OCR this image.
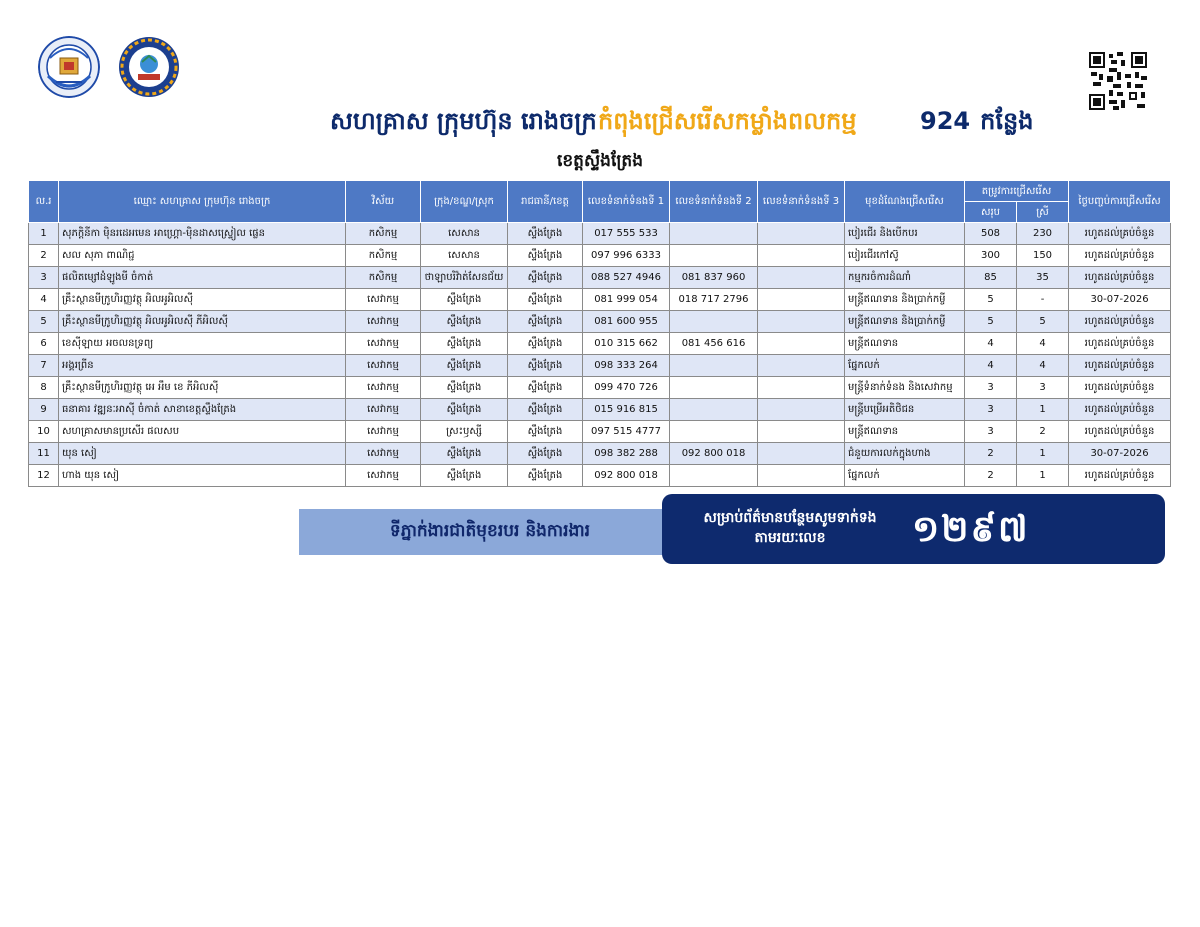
សហគ្រាស ក្រុមហ៊ុន រោងចក្រ កំពុងជ្រើសរើសកម្លាំងពលកម្ម	924 កន្លែង
ខេត្តស្ទឹងត្រែង
ល.រ	ឈ្មោះ សហគ្រាស ក្រុមហ៊ុន រោងចក្រ	វិស័យ	ក្រុង/ខណ្ឌ/ស្រុក	រាជធានី/ខេត្ត	លេខទំនាក់ទំនងទី 1	លេខទំនាក់ទំនងទី 2	លេខទំនាក់ទំនងទី 3	មុខដំណែងជ្រើសរើស	តម្រូវការជ្រើសរើស		ថ្ងៃបញ្ចប់ការជ្រើសរើស
									សរុប	ស្រី	
1	សុភក្តិនីកា ម៉ិនរដេអមេន អាហ្គ្រោ-ម៉ិនដាសស្ទ្រៀល ផ្លេន	កសិកម្ម	សេសាន	ស្ទឹងត្រែង	017 555 533			បៀរជើរ និងបើកបរ	508	230	រហូតដល់គ្រប់ចំនួន
2	សល សុភា ពាណិជ្ជ	កសិកម្ម	សេសាន	ស្ទឹងត្រែង	097 996 6333			បៀរជើរកៅស៊ូ	300	150	រហូតដល់គ្រប់ចំនួន
3	ផលិតម្សៅដំឡូងមី ចំកាត់	កសិកម្ម	ថាឡាបរិវ៉ាត់សែនជ័យ	ស្ទឹងត្រែង	088 527 4946	081 837 960		កម្មករចំការដំណាំ	85	35	រហូតដល់គ្រប់ចំនួន
4	គ្រឹះស្ថានមីក្រូហិរញ្ញវត្ថុ អិលអូអិលស៊ី	សេវាកម្ម	ស្ទឹងត្រែង	ស្ទឹងត្រែង	081 999 054	018 717 2796		មន្ត្រីឥណទាន និងប្រាក់កម្ចី	5	-	30-07-2026
5	គ្រឹះស្ថានមីក្រូហិរញ្ញវត្ថុ អិលអូអិលស៊ី ភីអិលស៊ី	សេវាកម្ម	ស្ទឹងត្រែង	ស្ទឹងត្រែង	081 600 955			មន្ត្រីឥណទាន និងប្រាក់កម្ចី	5	5	រហូតដល់គ្រប់ចំនួន
6	ខេស៊ីឡាយ អចលនទ្រព្យ	សេវាកម្ម	ស្ទឹងត្រែង	ស្ទឹងត្រែង	010 315 662	081 456 616		មន្ត្រីឥណទាន	4	4	រហូតដល់គ្រប់ចំនួន
7	អង្គរព្រីន	សេវាកម្ម	ស្ទឹងត្រែង	ស្ទឹងត្រែង	098 333 264			ផ្នែកលក់	4	4	រហូតដល់គ្រប់ចំនួន
8	គ្រឹះស្ថានមីក្រូហិរញ្ញវត្ថុ អេ អឹម ខេ ភីអិលស៊ី	សេវាកម្ម	ស្ទឹងត្រែង	ស្ទឹងត្រែង	099 470 726			មន្ត្រីទំនាក់ទំនង និងសេវាកម្ម	3	3	រហូតដល់គ្រប់ចំនួន
9	ធនាគារ វឌ្ឍនៈអាស៊ី ចំកាត់ សាខាខេត្តស្ទឹងត្រែង	សេវាកម្ម	ស្ទឹងត្រែង	ស្ទឹងត្រែង	015 916 815			មន្ត្រីបម្រើអតិថិជន	3	1	រហូតដល់គ្រប់ចំនួន
10	សហគ្រាសមានប្រសើរ ផលសប	សេវាកម្ម	ស្រះឫស្សី	ស្ទឹងត្រែង	097 515 4777			មន្ត្រីឥណទាន	3	2	រហូតដល់គ្រប់ចំនួន
11	យុន សៀ	សេវាកម្ម	ស្ទឹងត្រែង	ស្ទឹងត្រែង	098 382 288	092 800 018		ជំនួយការលក់ក្នុងហាង	2	1	30-07-2026
12	ហាង យុន សៀ	សេវាកម្ម	ស្ទឹងត្រែង	ស្ទឹងត្រែង	092 800 018			ផ្នែកលក់	2	1	រហូតដល់គ្រប់ចំនួន
ទីភ្នាក់ងារជាតិមុខរបរ និងការងារ
សម្រាប់ព័ត៌មានបន្ថែមសូមទាក់ទងតាមរយៈលេខ	១២៩៧
